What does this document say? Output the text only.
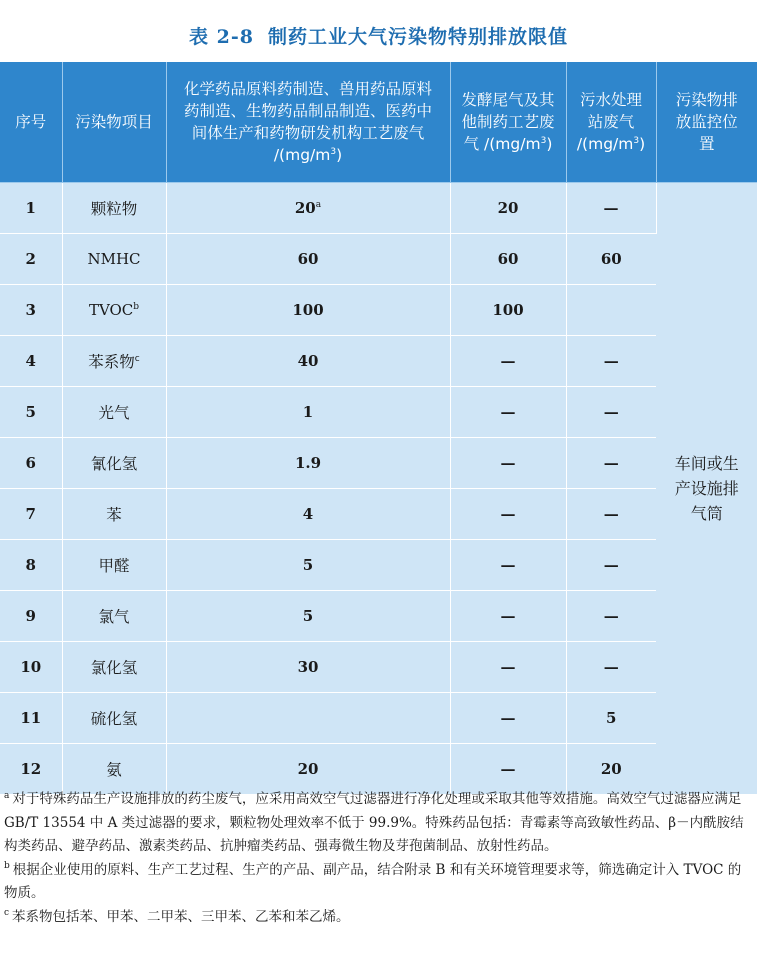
表 2-8 制药工业大气污染物特别排放限值
序号	污染物项目	化学药品原料药制造、兽用药品原料药制造、生物药品制品制造、医药中间体生产和药物研发机构工艺废气 $/(mg/m^3)$	发酵尾气及其他制药工艺废气 $/(mg/m^3)$	污水处理站废气 $/(mg/m^3)$	污染物排放监控位置
1	颗粒物	20$^a$	20	—	车间或生产设施排气筒
2	NMHC	60	60	60	
3	TVOC$^b$	100	100		
4	苯系物$^c$	40	—	—	
5	光气	1	—	—	
6	氰化氢	1.9	—	—	
7	苯	4	—	—	
8	甲醛	5	—	—	
9	氯气	5	—	—	
10	氯化氢	30	—	—	
11	硫化氢		—	5	
12	氨	20	—	20	

$^a$ 对于特殊药品生产设施排放的药尘废气，应采用高效空气过滤器进行净化处理或采取其他等效措施。高效空气过滤器应满足 GB/T 13554 中 A 类过滤器的要求，颗粒物处理效率不低于 99.9%。特殊药品包括：青霉素等高致敏性药品、β－内酰胺结构类药品、避孕药品、激素类药品、抗肿瘤类药品、强毒微生物及芽孢菌制品、放射性药品。

$^b$ 根据企业使用的原料、生产工艺过程、生产的产品、副产品，结合附录 B 和有关环境管理要求等，筛选确定计入 TVOC 的物质。

$^c$ 苯系物包括苯、甲苯、二甲苯、三甲苯、乙苯和苯乙烯。
